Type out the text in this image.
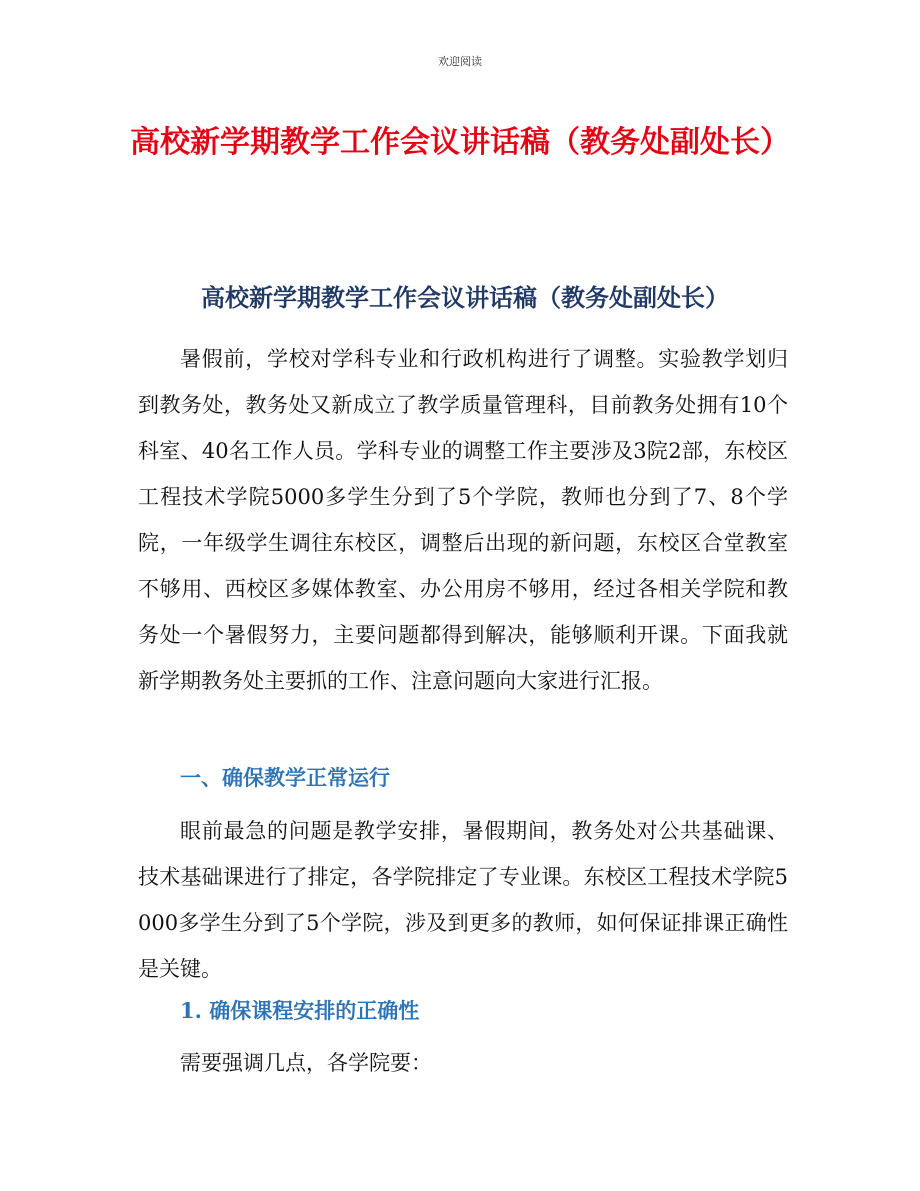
欢迎阅读
高校新学期教学工作会议讲话稿（教务处副处长）
高校新学期教学工作会议讲话稿（教务处副处长）

暑假前，学校对学科专业和行政机构进行了调整。实验教学划归到教务处，教务处又新成立了教学质量管理科，目前教务处拥有10个科室、40名工作人员。学科专业的调整工作主要涉及3院2部，东校区工程技术学院5000多学生分到了5个学院，教师也分到了7、8个学院，一年级学生调往东校区，调整后出现的新问题，东校区合堂教室不够用、西校区多媒体教室、办公用房不够用，经过各相关学院和教务处一个暑假努力，主要问题都得到解决，能够顺利开课。下面我就新学期教务处主要抓的工作、注意问题向大家进行汇报。

一、确保教学正常运行

眼前最急的问题是教学安排，暑假期间，教务处对公共基础课、技术基础课进行了排定，各学院排定了专业课。东校区工程技术学院5000多学生分到了5个学院，涉及到更多的教师，如何保证排课正确性是关键。

1. 确保课程安排的正确性

需要强调几点，各学院要：
